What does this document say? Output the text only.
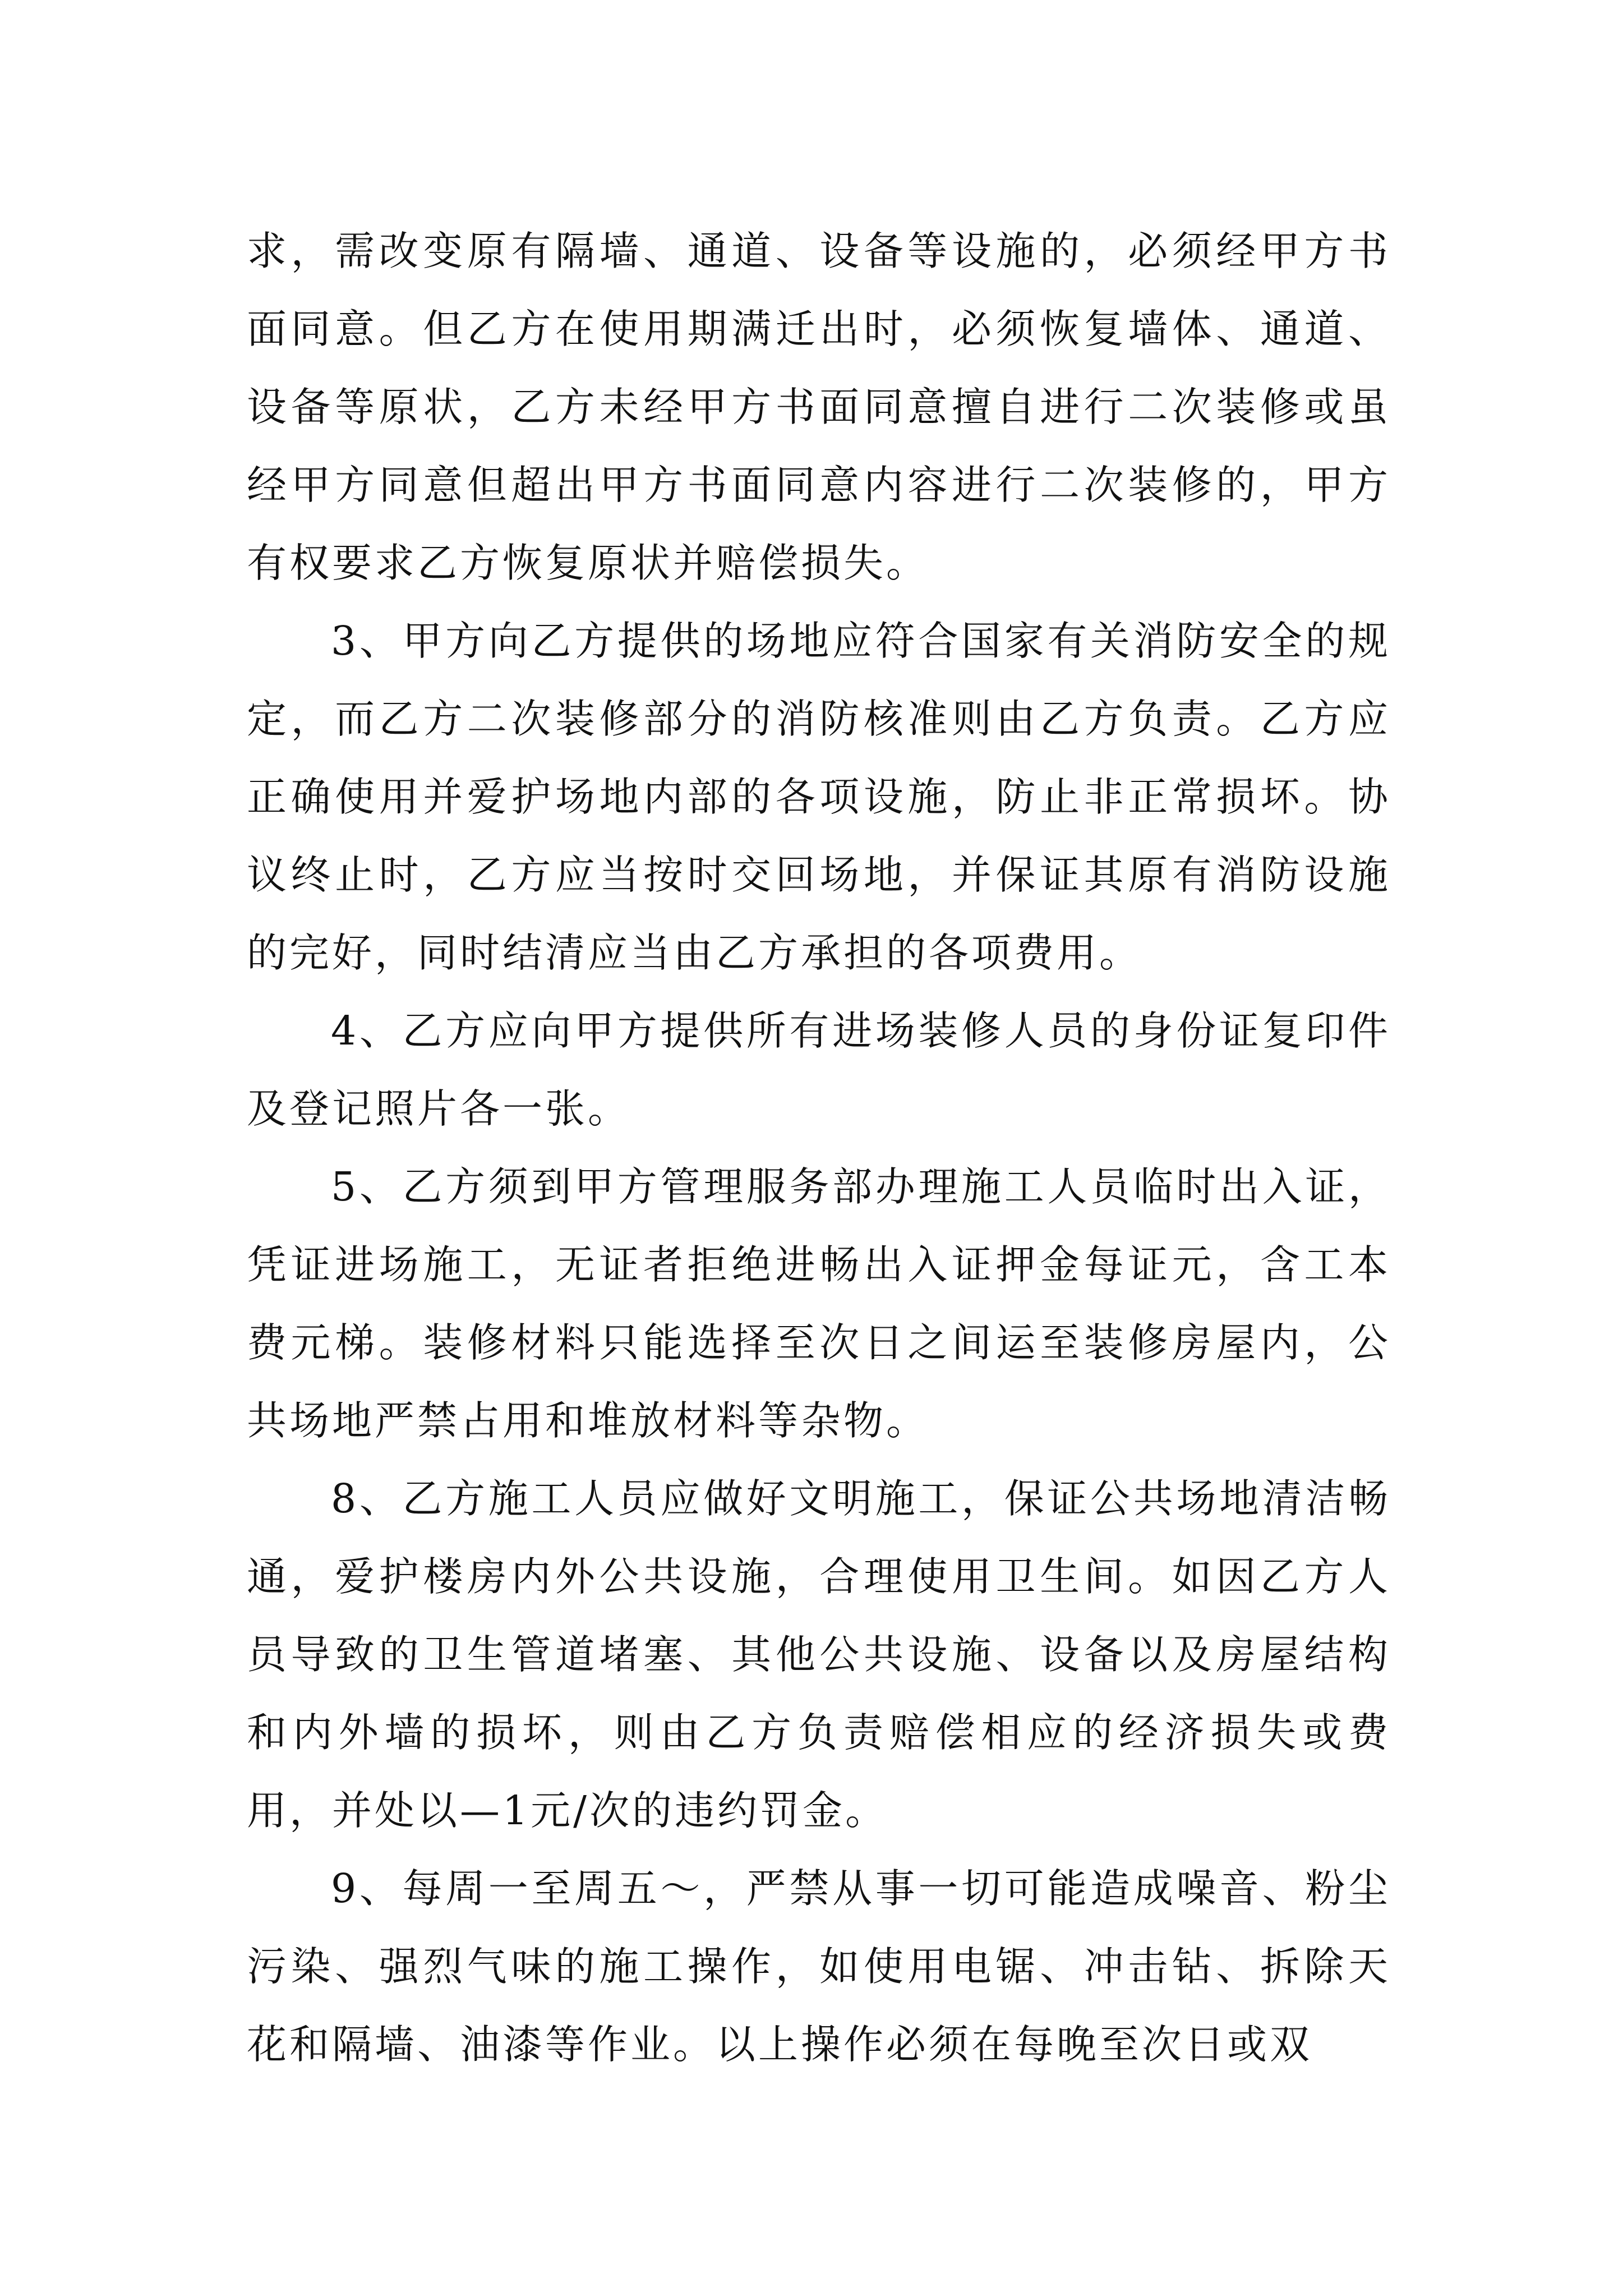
求，需改变原有隔墙、通道、设备等设施的，必须经甲方书面同意。但乙方在使用期满迁出时，必须恢复墙体、通道、设备等原状，乙方未经甲方书面同意擅自进行二次装修或虽经甲方同意但超出甲方书面同意内容进行二次装修的，甲方有权要求乙方恢复原状并赔偿损失。

3、甲方向乙方提供的场地应符合国家有关消防安全的规定，而乙方二次装修部分的消防核准则由乙方负责。乙方应正确使用并爱护场地内部的各项设施，防止非正常损坏。协议终止时，乙方应当按时交回场地，并保证其原有消防设施的完好，同时结清应当由乙方承担的各项费用。

4、乙方应向甲方提供所有进场装修人员的身份证复印件及登记照片各一张。

5、乙方须到甲方管理服务部办理施工人员临时出入证，凭证进场施工，无证者拒绝进畅出入证押金每证元，含工本费元梯。装修材料只能选择至次日之间运至装修房屋内，公共场地严禁占用和堆放材料等杂物。

8、乙方施工人员应做好文明施工，保证公共场地清洁畅通，爱护楼房内外公共设施，合理使用卫生间。如因乙方人员导致的卫生管道堵塞、其他公共设施、设备以及房屋结构和内外墙的损坏，则由乙方负责赔偿相应的经济损失或费用，并处以—1元/次的违约罚金。

9、每周一至周五～，严禁从事一切可能造成噪音、粉尘污染、强烈气味的施工操作，如使用电锯、冲击钻、拆除天花和隔墙、油漆等作业。以上操作必须在每晚至次日或双
